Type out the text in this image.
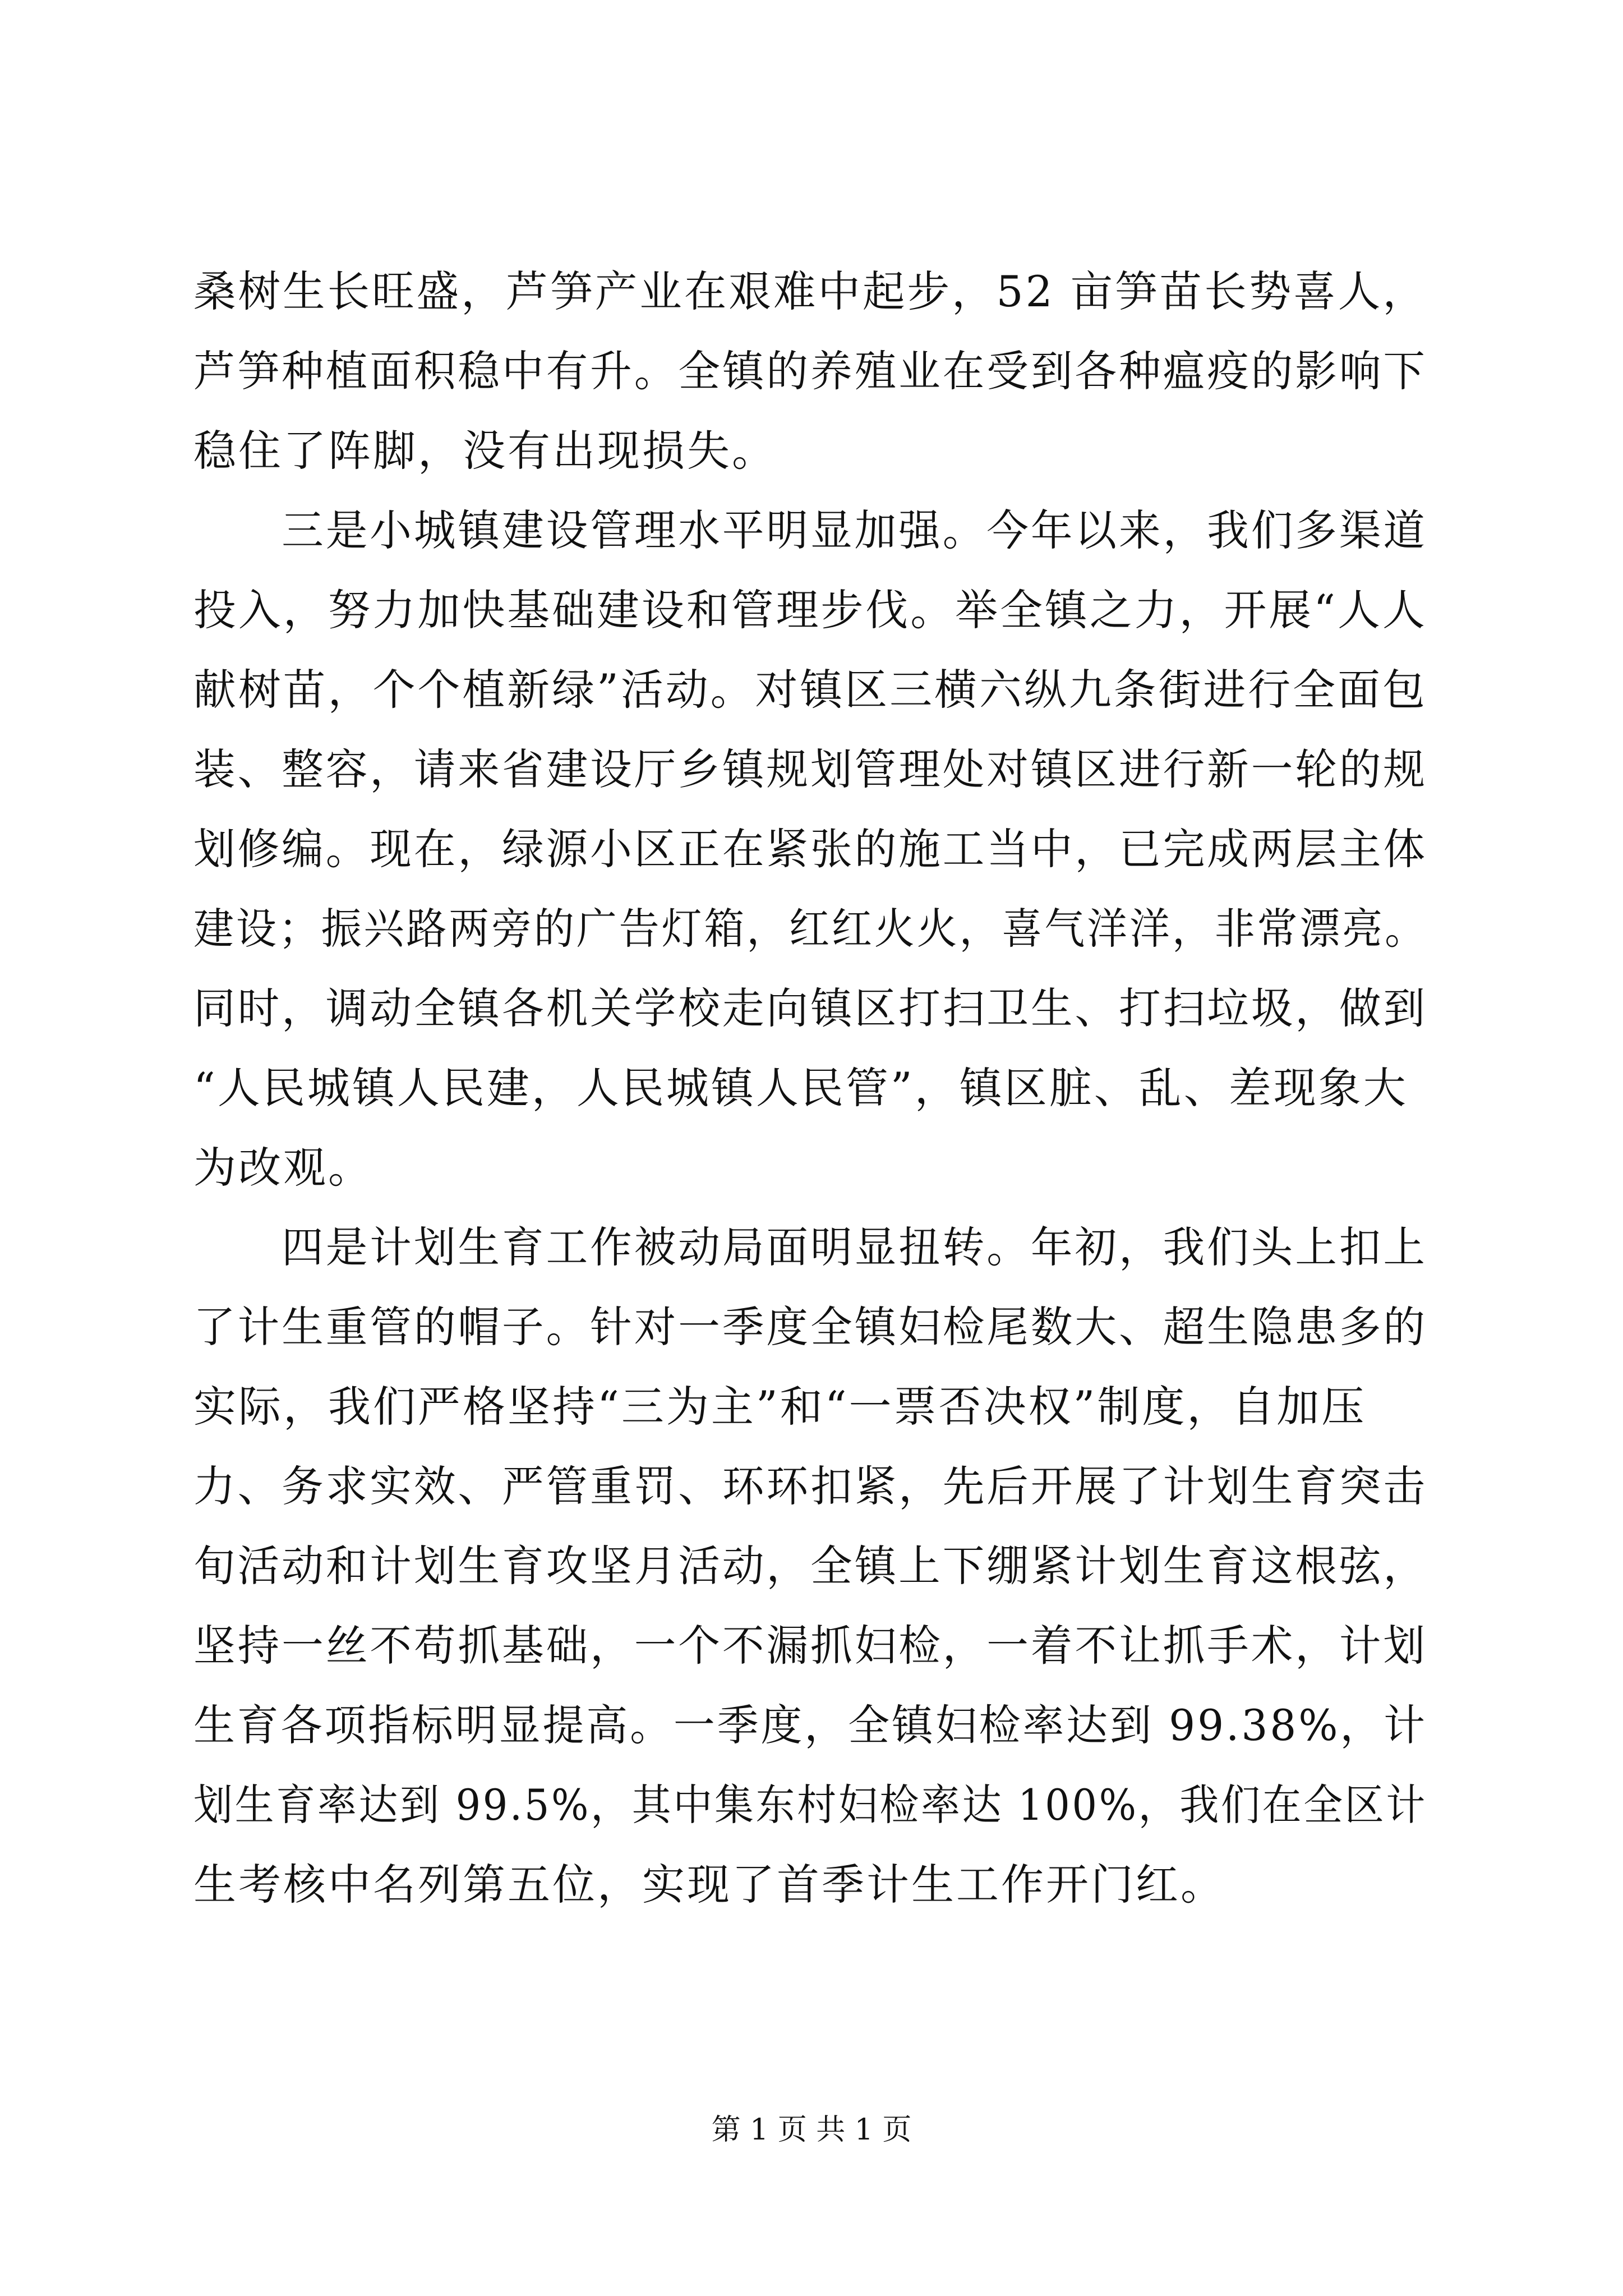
桑树生长旺盛，芦笋产业在艰难中起步，52 亩笋苗长势喜人，
芦笋种植面积稳中有升。全镇的养殖业在受到各种瘟疫的影响下
稳住了阵脚，没有出现损失。
　　三是小城镇建设管理水平明显加强。今年以来，我们多渠道
投入，努力加快基础建设和管理步伐。举全镇之力，开展“人人
献树苗，个个植新绿”活动。对镇区三横六纵九条街进行全面包
装、整容，请来省建设厅乡镇规划管理处对镇区进行新一轮的规
划修编。现在，绿源小区正在紧张的施工当中，已完成两层主体
建设；振兴路两旁的广告灯箱，红红火火，喜气洋洋，非常漂亮。
同时，调动全镇各机关学校走向镇区打扫卫生、打扫垃圾，做到
“人民城镇人民建，人民城镇人民管”，镇区脏、乱、差现象大
为改观。
　　四是计划生育工作被动局面明显扭转。年初，我们头上扣上
了计生重管的帽子。针对一季度全镇妇检尾数大、超生隐患多的
实际，我们严格坚持“三为主”和“一票否决权”制度，自加压
力、务求实效、严管重罚、环环扣紧，先后开展了计划生育突击
旬活动和计划生育攻坚月活动，全镇上下绷紧计划生育这根弦，
坚持一丝不苟抓基础，一个不漏抓妇检，一着不让抓手术，计划
生育各项指标明显提高。一季度，全镇妇检率达到 99.38%，计
划生育率达到 99.5%，其中集东村妇检率达 100%，我们在全区计
生考核中名列第五位，实现了首季计生工作开门红。
第 1 页 共 1 页
